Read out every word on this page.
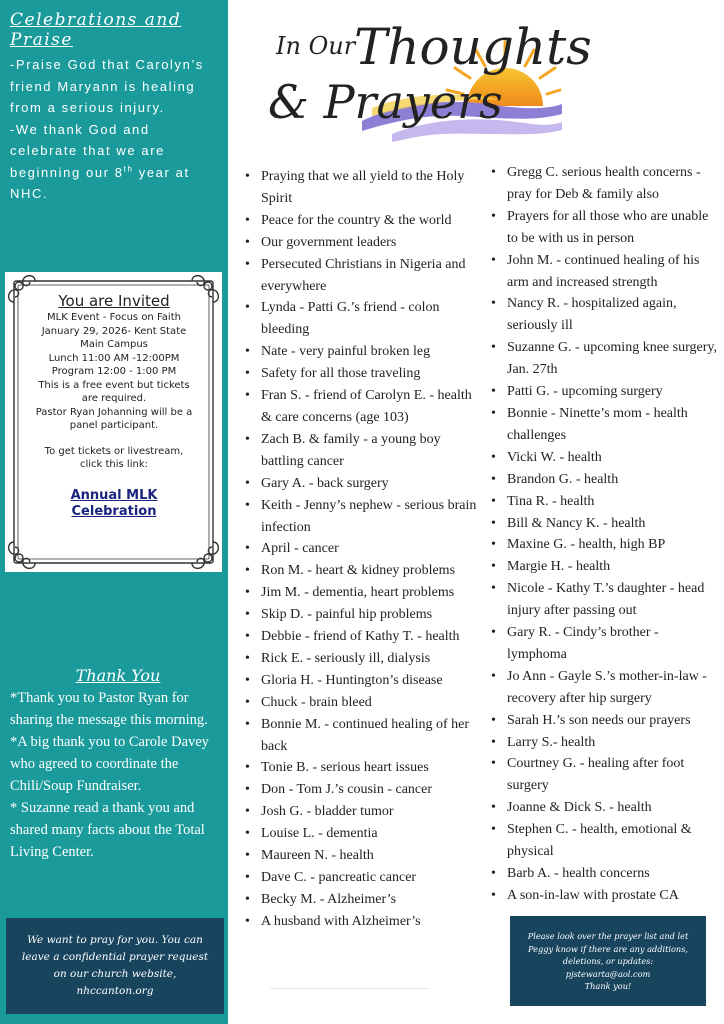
Celebrations and Praise

-Praise God that Carolyn’s friend Maryann is healing from a serious injury.

-We thank God and celebrate that we are beginning our 8th year at NHC.

You are Invited
MLK Event - Focus on Faith
January 29, 2026- Kent State
Main Campus
Lunch 11:00 AM -12:00PM
Program 12:00 - 1:00 PM
This is a free event but tickets
are required.
Pastor Ryan Johanning will be a
panel participant.
To get tickets or livestream,
click this link:
Annual MLK
Celebration
Thank You

*Thank you to Pastor Ryan for sharing the message this morning.

*A big thank you to Carole Davey who agreed to coordinate the Chili/Soup Fundraiser.

* Suzanne read a thank you and shared many facts about the Total Living Center.

We want to pray for you. You can leave a confidential prayer request on our church website, nhccanton.org
In Our
Thoughts
& Prayers
• Praying that we all yield to the Holy Spirit
• Peace for the country & the world
• Our government leaders
• Persecuted Christians in Nigeria and everywhere
• Lynda - Patti G.’s friend - colon bleeding
• Nate - very painful broken leg
• Safety for all those traveling
• Fran S. - friend of Carolyn E. - health & care concerns (age 103)
• Zach B. & family - a young boy battling cancer
• Gary A. - back surgery
• Keith - Jenny’s nephew - serious brain infection
• April - cancer
• Ron M. - heart & kidney problems
• Jim M. - dementia, heart problems
• Skip D. - painful hip problems
• Debbie - friend of Kathy T. - health
• Rick E. - seriously ill, dialysis
• Gloria H. - Huntington’s disease
• Chuck - brain bleed
• Bonnie M. - continued healing of her back
• Tonie B. - serious heart issues
• Don - Tom J.’s cousin - cancer
• Josh G. - bladder tumor
• Louise L. - dementia
• Maureen N. - health
• Dave C. - pancreatic cancer
• Becky M. - Alzheimer’s
• A husband with Alzheimer’s
• Gregg C. serious health concerns - pray for Deb & family also
• Prayers for all those who are unable to be with us in person
• John M. - continued healing of his arm and increased strength
• Nancy R. - hospitalized again, seriously ill
• Suzanne G. - upcoming knee surgery, Jan. 27th
• Patti G. - upcoming surgery
• Bonnie - Ninette’s mom - health challenges
• Vicki W. - health
• Brandon G. - health
• Tina R. - health
• Bill & Nancy K. - health
• Maxine G. - health, high BP
• Margie H. - health
• Nicole - Kathy T.’s daughter - head injury after passing out
• Gary R. - Cindy’s brother - lymphoma
• Jo Ann - Gayle S.’s mother-in-law - recovery after hip surgery
• Sarah H.’s son needs our prayers
• Larry S.- health
• Courtney G. - healing after foot surgery
• Joanne & Dick S. - health
• Stephen C. - health, emotional & physical
• Barb A. - health concerns
• A son-in-law with prostate CA
Please look over the prayer list and let
Peggy know if there are any additions,
deletions, or updates:
pjstewarta@aol.com
Thank you!
